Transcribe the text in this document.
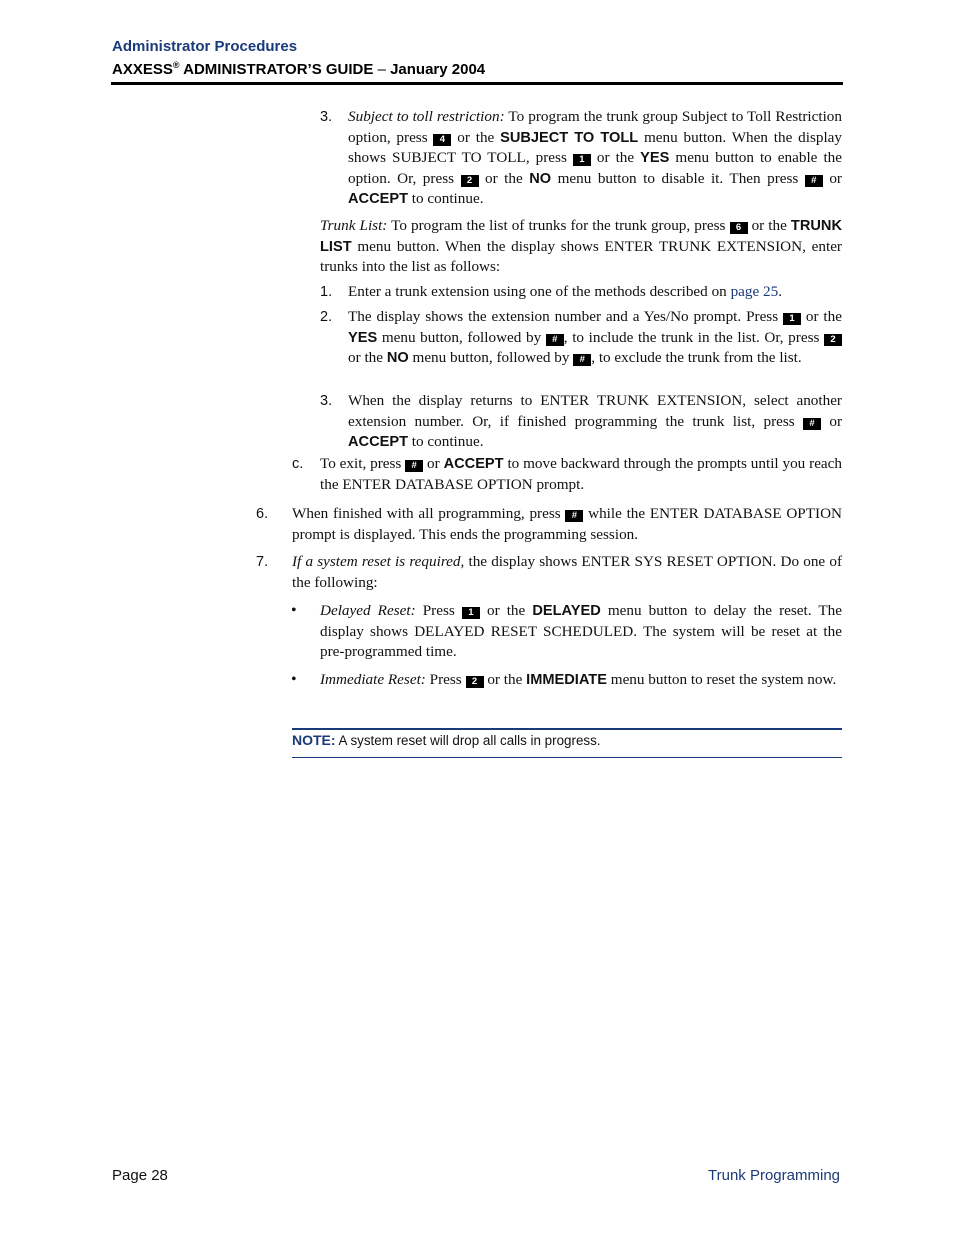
Administrator Procedures
AXXESS® ADMINISTRATOR’S GUIDE – January 2004
3. Subject to toll restriction: To program the trunk group Subject to Toll Restriction option, press 4 or the SUBJECT TO TOLL menu button. When the display shows SUBJECT TO TOLL, press 1 or the YES menu button to enable the option. Or, press 2 or the NO menu button to disable it. Then press # or ACCEPT to continue.
Trunk List: To program the list of trunks for the trunk group, press 6 or the TRUNK LIST menu button. When the display shows ENTER TRUNK EXTENSION, enter trunks into the list as follows:
1. Enter a trunk extension using one of the methods described on page 25.
2. The display shows the extension number and a Yes/No prompt. Press 1 or the YES menu button, followed by # , to include the trunk in the list. Or, press 2 or the NO menu button, followed by # , to exclude the trunk from the list.
3. When the display returns to ENTER TRUNK EXTENSION, select another extension number. Or, if finished programming the trunk list, press # or ACCEPT to continue.
c. To exit, press # or ACCEPT to move backward through the prompts until you reach the ENTER DATABASE OPTION prompt.
6. When finished with all programming, press # while the ENTER DATABASE OPTION prompt is displayed. This ends the programming session.
7. If a system reset is required, the display shows ENTER SYS RESET OPTION. Do one of the following:
• Delayed Reset: Press 1 or the DELAYED menu button to delay the reset. The display shows DELAYED RESET SCHEDULED. The system will be reset at the pre-programmed time.
• Immediate Reset: Press 2 or the IMMEDIATE menu button to reset the system now.
NOTE: A system reset will drop all calls in progress.
Page 28	Trunk Programming
